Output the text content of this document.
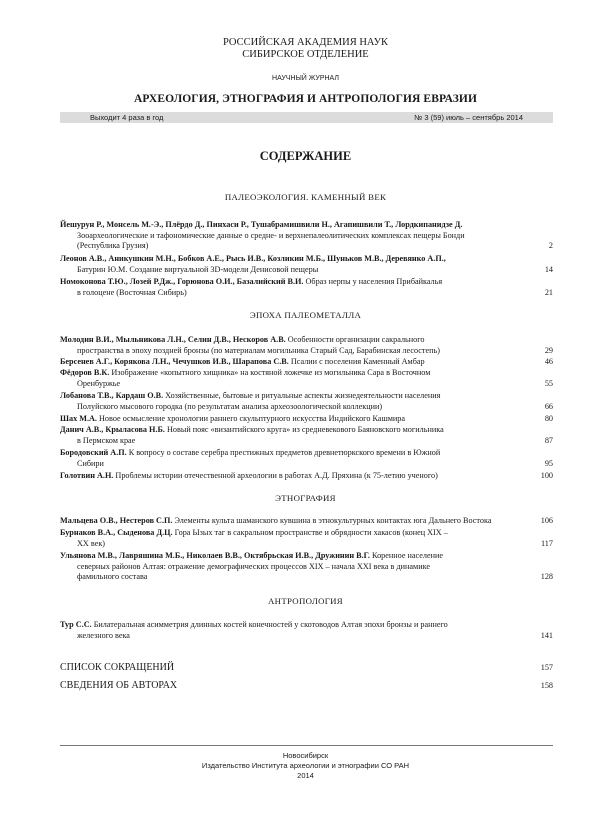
РОССИЙСКАЯ АКАДЕМИЯ НАУК
СИБИРСКОЕ ОТДЕЛЕНИЕ
НАУЧНЫЙ ЖУРНАЛ
АРХЕОЛОГИЯ, ЭТНОГРАФИЯ И АНТРОПОЛОГИЯ ЕВРАЗИИ
Выходит 4 раза в год	№ 3 (59) июль – сентябрь 2014
СОДЕРЖАНИЕ
ПАЛЕОЭКОЛОГИЯ. КАМЕННЫЙ ВЕК
Йешурун Р., Монсель М.-Э., Плёрдо Д., Пинхаси Р., Тушабрамишвили Н., Агапишвили Т., Лордкипанидзе Д.
Зооархеологические и тафономические данные о средне- и верхнепалеолитических комплексах пещеры Бонди
(Республика Грузия)	2
Леонов А.В., Аникушкин М.Н., Бобков А.Е., Рысь И.В., Козликин М.Б., Шуньков М.В., Деревянко А.П.,
Батурин Ю.М. Создание виртуальной 3D-модели Денисовой пещеры	14
Номоконова Т.Ю., Лозей Р.Дж., Горюнова О.И., Базалийский В.И. Образ нерпы у населения Прибайкалья
в голоцене (Восточная Сибирь)	21
ЭПОХА ПАЛЕОМЕТАЛЛА
Молодин В.И., Мыльникова Л.Н., Селин Д.В., Нескоров А.В. Особенности организации сакрального
пространства в эпоху поздней бронзы (по материалам могильника Старый Сад, Барабинская лесостепь)	29
Берсенев А.Г., Корякова Л.Н., Чечушков И.В., Шарапова С.В. Псалии с поселения Каменный Амбар	46
Фёдоров В.К. Изображение «копытного хищника» на костяной ложечке из могильника Сара в Восточном
Оренбуржье	55
Лобанова Т.В., Кардаш О.В. Хозяйственные, бытовые и ритуальные аспекты жизнедеятельности населения
Полуйского мысового городка (по результатам анализа археозоологической коллекции)	66
Шах М.А. Новое осмысление хронологии раннего скульптурного искусства Индийского Кашмира	80
Данич А.В., Крыласова Н.Б. Новый пояс «византийского круга» из средневекового Баяновского могильника
в Пермском крае	87
Бородовский А.П. К вопросу о составе серебра престижных предметов древнетюркского времени в Южной
Сибири	95
Голотвин А.Н. Проблемы истории отечественной археологии в работах А.Д. Пряхина (к 75-летию ученого)	100
ЭТНОГРАФИЯ
Мальцева О.В., Нестеров С.П. Элементы культа шаманского кувшина в этнокультурных контактах юга Дальнего Востока	106
Бурнаков В.А., Сыденова Д.Ц. Гора Ызых таг в сакральном пространстве и обрядности хакасов (конец XIX –
XX век)	117
Ульянова М.В., Лавряшина М.Б., Николаев В.В., Октябрьская И.В., Дружинин В.Г. Коренное население
северных районов Алтая: отражение демографических процессов XIX – начала XXI века в динамике
фамильного состава	128
АНТРОПОЛОГИЯ
Тур С.С. Билатеральная асимметрия длинных костей конечностей у скотоводов Алтая эпохи бронзы и раннего
железного века	141
СПИСОК СОКРАЩЕНИЙ	157
СВЕДЕНИЯ ОБ АВТОРАХ	158
Новосибирск
Издательство Института археологии и этнографии СО РАН
2014
